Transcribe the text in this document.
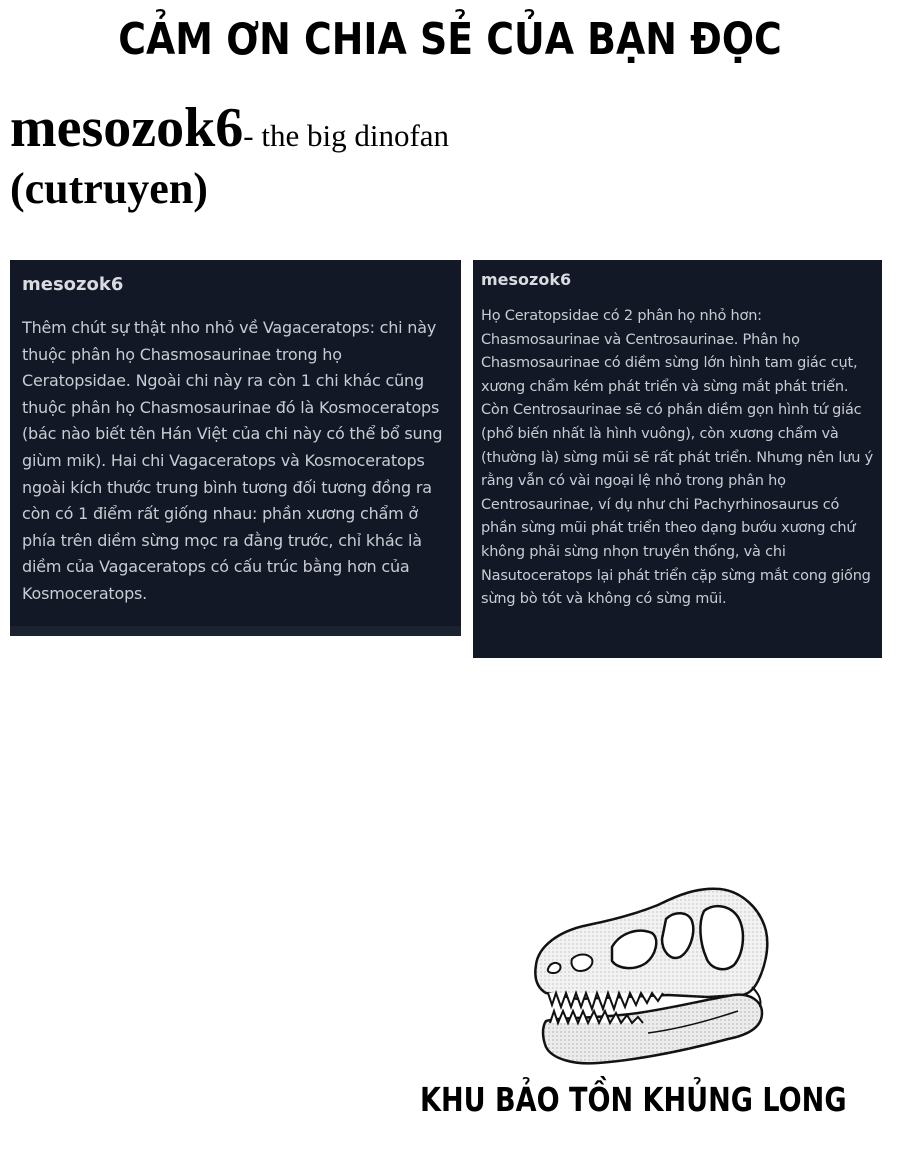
CẢM ƠN CHIA SẺ CỦA BẠN ĐỌC
mesozok6- the big dinofan
(cutruyen)
mesozok6
Thêm chút sự thật nho nhỏ về Vagaceratops: chi này thuộc phân họ Chasmosaurinae trong họ Ceratopsidae. Ngoài chi này ra còn 1 chi khác cũng thuộc phân họ Chasmosaurinae đó là Kosmoceratops (bác nào biết tên Hán Việt của chi này có thể bổ sung giùm mik). Hai chi Vagaceratops và Kosmoceratops ngoài kích thước trung bình tương đối tương đồng ra còn có 1 điểm rất giống nhau: phần xương chẩm ở phía trên diềm sừng mọc ra đằng trước, chỉ khác là diềm của Vagaceratops có cấu trúc bằng hơn của Kosmoceratops.
mesozok6
Họ Ceratopsidae có 2 phân họ nhỏ hơn: Chasmosaurinae và Centrosaurinae. Phân họ Chasmosaurinae có diềm sừng lớn hình tam giác cụt, xương chẩm kém phát triển và sừng mắt phát triển. Còn Centrosaurinae sẽ có phần diềm gọn hình tứ giác (phổ biến nhất là hình vuông), còn xương chẩm và (thường là) sừng mũi sẽ rất phát triển. Nhưng nên lưu ý rằng vẫn có vài ngoại lệ nhỏ trong phân họ Centrosaurinae, ví dụ như chi Pachyrhinosaurus có phần sừng mũi phát triển theo dạng bướu xương chứ không phải sừng nhọn truyền thống, và chi Nasutoceratops lại phát triển cặp sừng mắt cong giống sừng bò tót và không có sừng mũi.
KHU BẢO TỒN KHỦNG LONG
